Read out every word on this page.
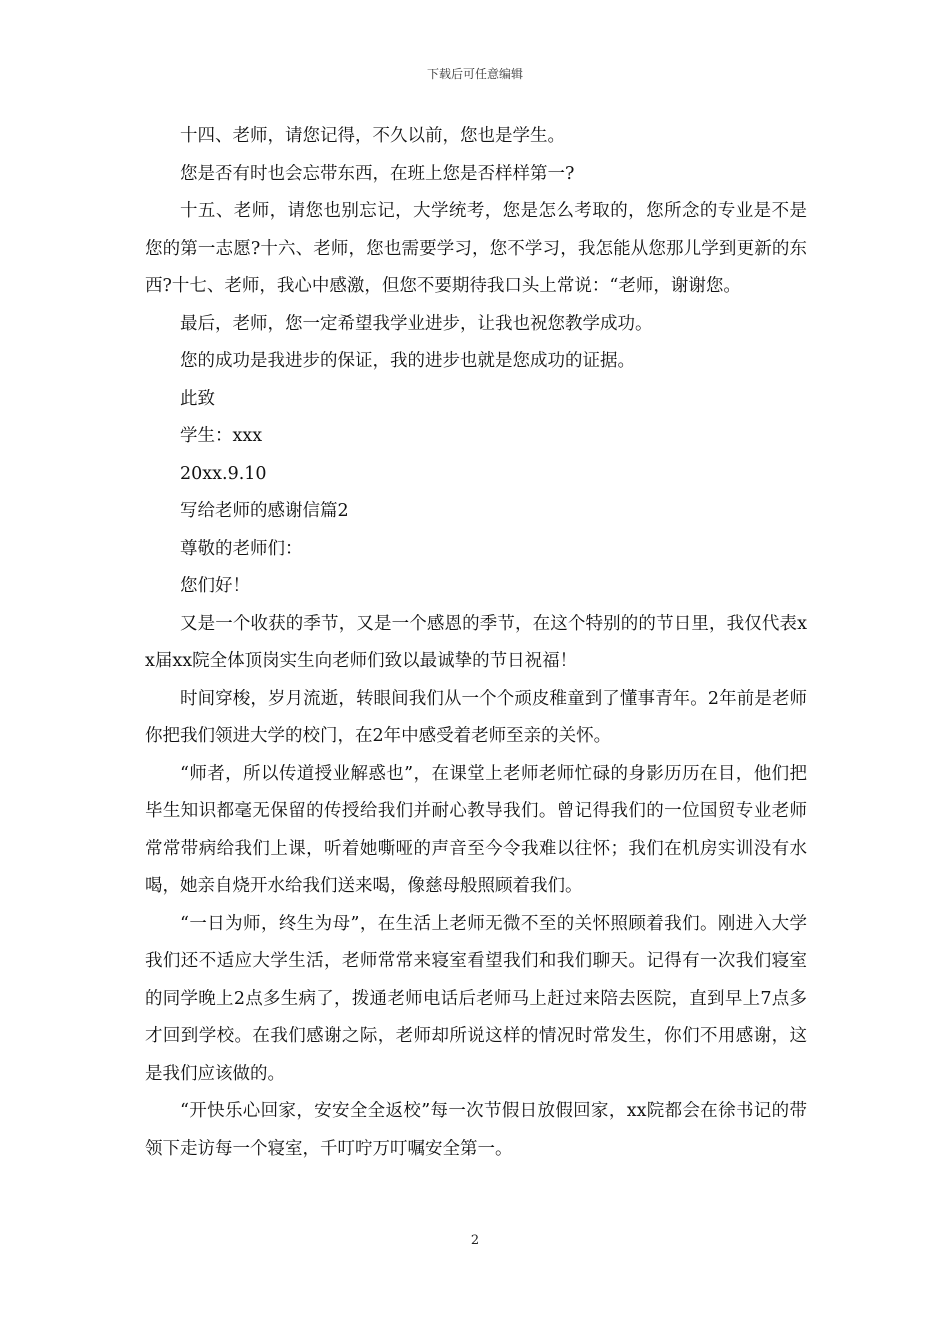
下载后可任意编辑

十四、老师，请您记得，不久以前，您也是学生。

您是否有时也会忘带东西，在班上您是否样样第一?

十五、老师，请您也别忘记，大学统考，您是怎么考取的，您所念的专业是不是您的第一志愿?十六、老师，您也需要学习，您不学习，我怎能从您那儿学到更新的东西?十七、老师，我心中感激，但您不要期待我口头上常说：“老师，谢谢您。

最后，老师，您一定希望我学业进步，让我也祝您教学成功。

您的成功是我进步的保证，我的进步也就是您成功的证据。

此致

学生：xxx

20xx.9.10

写给老师的感谢信篇2

尊敬的老师们：

您们好！

又是一个收获的季节，又是一个感恩的季节，在这个特别的的节日里，我仅代表xx届xx院全体顶岗实生向老师们致以最诚挚的节日祝福！

时间穿梭，岁月流逝，转眼间我们从一个个顽皮稚童到了懂事青年。2年前是老师你把我们领进大学的校门，在2年中感受着老师至亲的关怀。

“师者，所以传道授业解惑也”，在课堂上老师老师忙碌的身影历历在目，他们把毕生知识都毫无保留的传授给我们并耐心教导我们。曾记得我们的一位国贸专业老师常常带病给我们上课，听着她嘶哑的声音至今令我难以往怀；我们在机房实训没有水喝，她亲自烧开水给我们送来喝，像慈母般照顾着我们。

“一日为师，终生为母”，在生活上老师无微不至的关怀照顾着我们。刚进入大学我们还不适应大学生活，老师常常来寝室看望我们和我们聊天。记得有一次我们寝室的同学晚上2点多生病了，拨通老师电话后老师马上赶过来陪去医院，直到早上7点多才回到学校。在我们感谢之际，老师却所说这样的情况时常发生，你们不用感谢，这是我们应该做的。

“开快乐心回家，安安全全返校”每一次节假日放假回家，xx院都会在徐书记的带领下走访每一个寝室，千叮咛万叮嘱安全第一。

2
